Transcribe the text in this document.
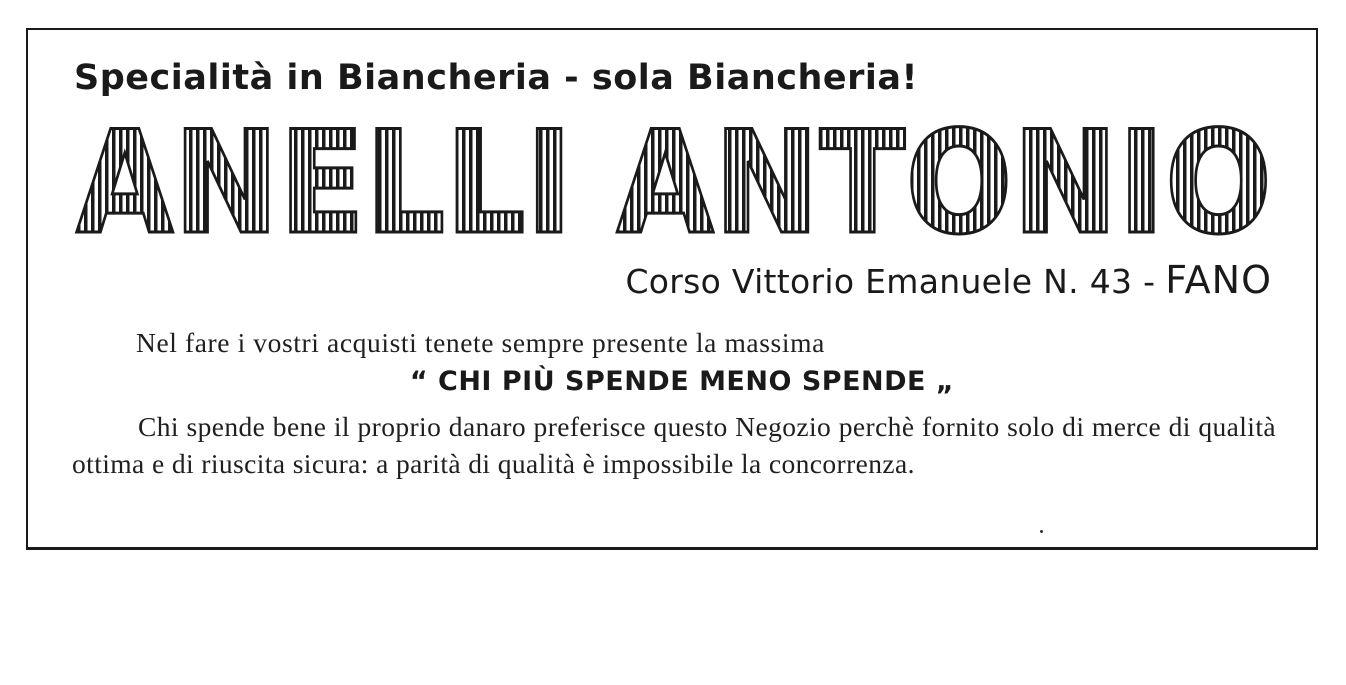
Specialità in Biancheria - sola Biancheria!
ANELLI ANTONIO
Corso Vittorio Emanuele N. 43 - FANO
Nel fare i vostri acquisti tenete sempre presente la massima
“ CHI PIÙ SPENDE MENO SPENDE „
Chi spende bene il proprio danaro preferisce questo Negozio perchè fornito solo di merce di qualità ottima e di riuscita sicura: a parità di qualità è impossibile la concorrenza.
